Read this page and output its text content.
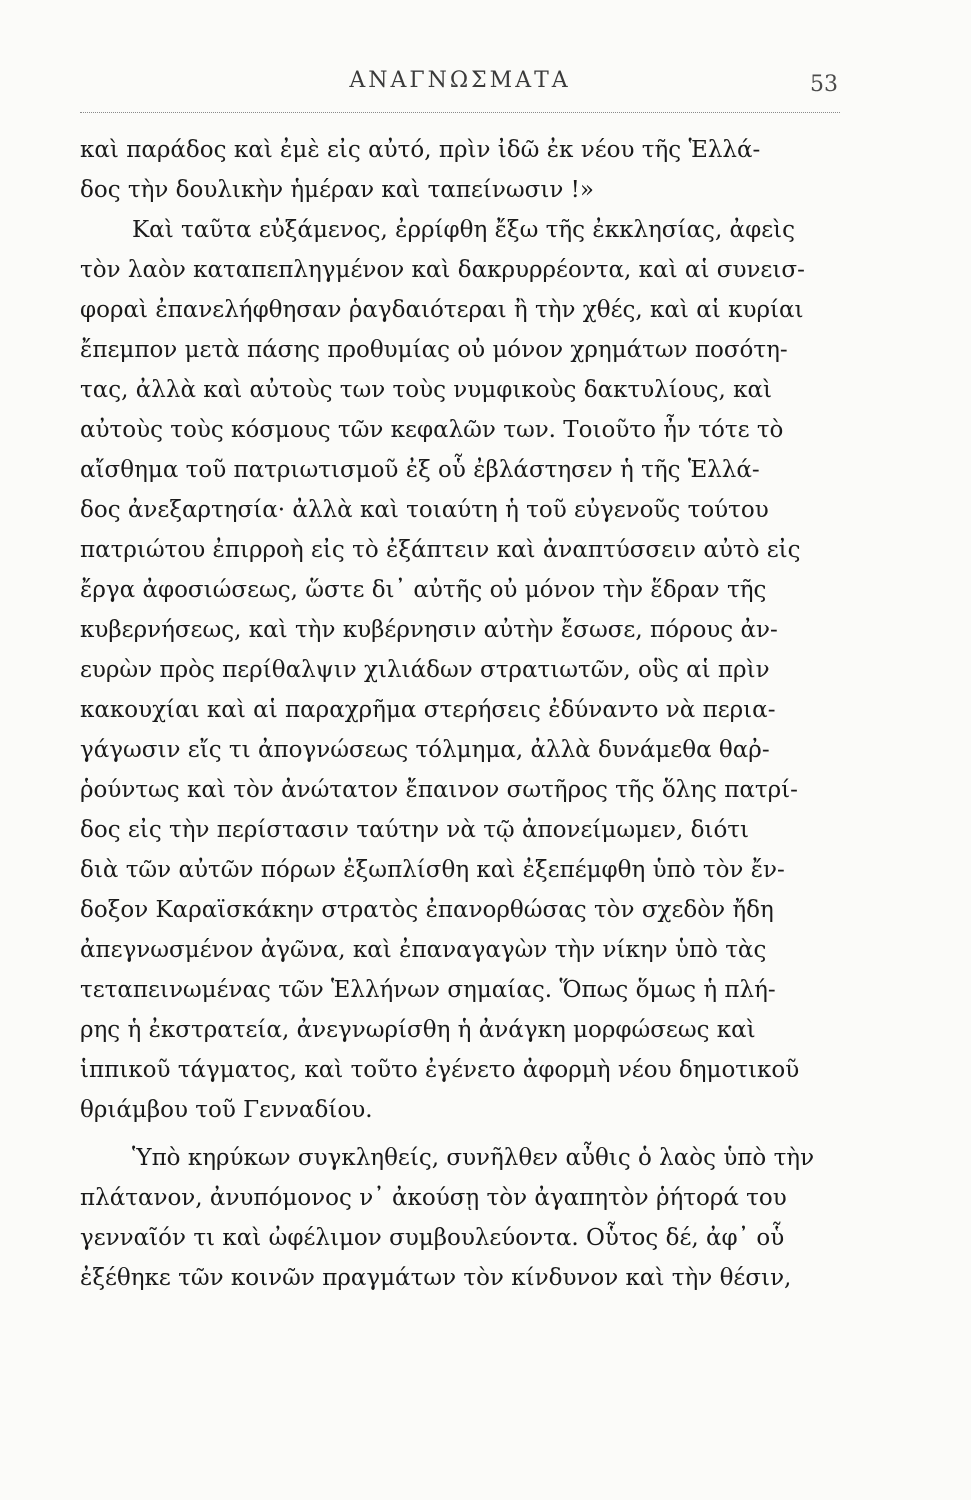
ΑΝΑΓΝΩΣΜΑΤΑ	53
καὶ παράδος καὶ ἐμὲ εἰς αὐτό, πρὶν ἰδῶ ἐκ νέου τῆς Ἑλλά-
δος τὴν δουλικὴν ἡμέραν καὶ ταπείνωσιν !»
Καὶ ταῦτα εὐξάμενος, ἐρρίφθη ἔξω τῆς ἐκκλησίας, ἀφεὶς
τὸν λαὸν καταπεπληγμένον καὶ δακρυρρέοντα, καὶ αἱ συνεισ-
φοραὶ ἐπανελήφθησαν ῥαγδαιότεραι ἢ τὴν χθές, καὶ αἱ κυρίαι
ἔπεμπον μετὰ πάσης προθυμίας οὐ μόνον χρημάτων ποσότη-
τας, ἀλλὰ καὶ αὐτοὺς των τοὺς νυμφικοὺς δακτυλίους, καὶ
αὐτοὺς τοὺς κόσμους τῶν κεφαλῶν των. Τοιοῦτο ἦν τότε τὸ
αἴσθημα τοῦ πατριωτισμοῦ ἐξ οὗ ἐβλάστησεν ἡ τῆς Ἑλλά-
δος ἀνεξαρτησία· ἀλλὰ καὶ τοιαύτη ἡ τοῦ εὐγενοῦς τούτου
πατριώτου ἐπιρροὴ εἰς τὸ ἐξάπτειν καὶ ἀναπτύσσειν αὐτὸ εἰς
ἔργα ἀφοσιώσεως, ὥστε δι᾽ αὐτῆς οὐ μόνον τὴν ἕδραν τῆς
κυβερνήσεως, καὶ τὴν κυβέρνησιν αὐτὴν ἔσωσε, πόρους ἀν-
ευρὼν πρὸς περίθαλψιν χιλιάδων στρατιωτῶν, οὓς αἱ πρὶν
κακουχίαι καὶ αἱ παραχρῆμα στερήσεις ἐδύναντο νὰ περια-
γάγωσιν εἴς τι ἀπογνώσεως τόλμημα, ἀλλὰ δυνάμεθα θαῤ-
ῥούντως καὶ τὸν ἀνώτατον ἔπαινον σωτῆρος τῆς ὅλης πατρί-
δος εἰς τὴν περίστασιν ταύτην νὰ τῷ ἀπονείμωμεν, διότι
διὰ τῶν αὐτῶν πόρων ἐξωπλίσθη καὶ ἐξεπέμφθη ὑπὸ τὸν ἔν-
δοξον Καραϊσκάκην στρατὸς ἐπανορθώσας τὸν σχεδὸν ἤδη
ἀπεγνωσμένον ἀγῶνα, καὶ ἐπαναγαγὼν τὴν νίκην ὑπὸ τὰς
τεταπεινωμένας τῶν Ἑλλήνων σημαίας. Ὅπως ὅμως ἡ πλή-
ρης ἡ ἐκστρατεία, ἀνεγνωρίσθη ἡ ἀνάγκη μορφώσεως καὶ
ἱππικοῦ τάγματος, καὶ τοῦτο ἐγένετο ἀφορμὴ νέου δημοτικοῦ
θριάμβου τοῦ Γενναδίου.
Ὑπὸ κηρύκων συγκληθείς, συνῆλθεν αὖθις ὁ λαὸς ὑπὸ τὴν
πλάτανον, ἀνυπόμονος ν᾽ ἀκούσῃ τὸν ἀγαπητὸν ῥήτορά του
γενναῖόν τι καὶ ὠφέλιμον συμβουλεύοντα. Οὗτος δέ, ἀφ᾽ οὗ
ἐξέθηκε τῶν κοινῶν πραγμάτων τὸν κίνδυνον καὶ τὴν θέσιν,
